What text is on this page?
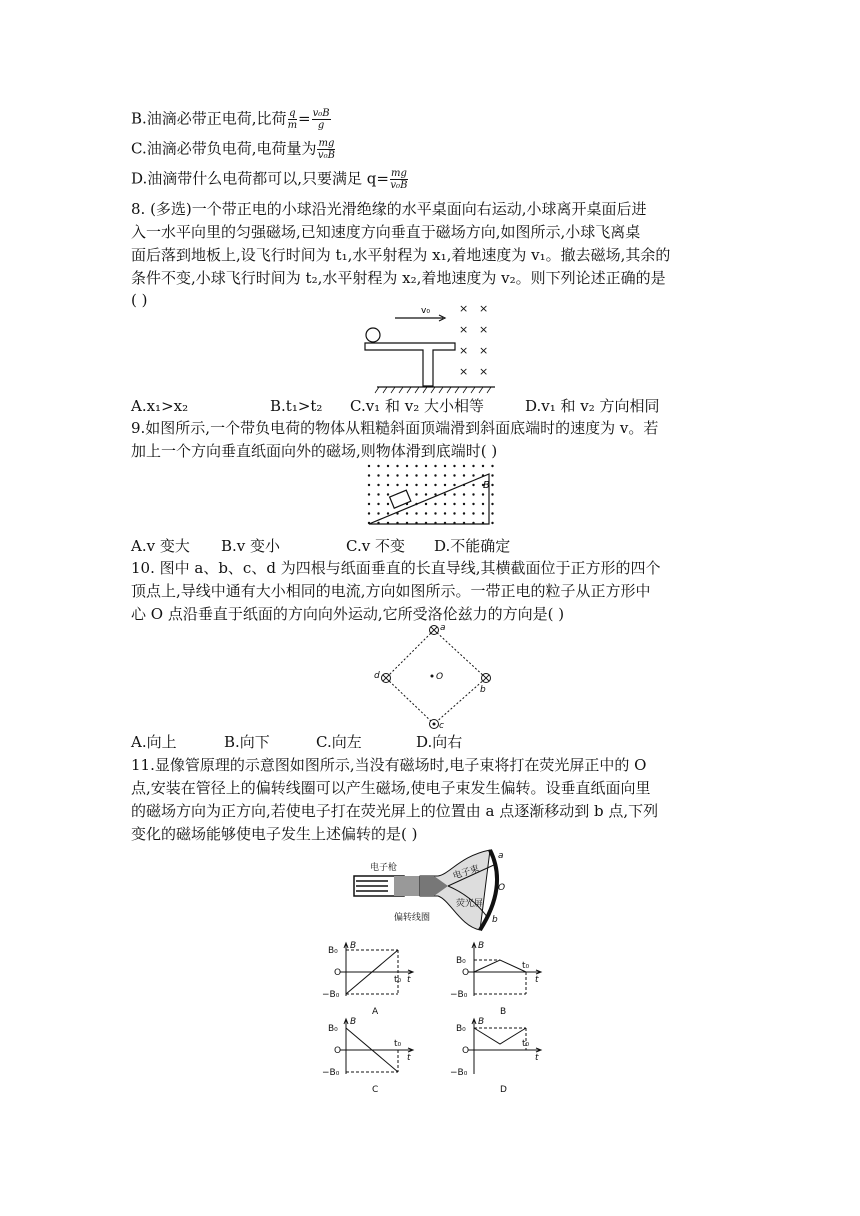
B.油滴必带正电荷,比荷 $\frac{q}{m} = \frac{\text{v₀B}}{g}$
C.油滴必带负电荷,电荷量为 $\frac{mg}{\text{v₀B}}$
D.油滴带什么电荷都可以,只要满足 $q= \frac{mg}{\text{v₀B}}$
8. (多选)一个带正电的小球沿光滑绝缘的水平桌面向右运动,小球离开桌面后进
入一水平向里的匀强磁场,已知速度方向垂直于磁场方向,如图所示,小球飞离桌
面后落到地板上,设飞行时间为 t₁,水平射程为 x₁,着地速度为 v₁。撤去磁场,其余的
条件不变,小球飞行时间为 t₂,水平射程为 x₂,着地速度为 v₂。则下列论述正确的是
( )
v₀	× ×
× ×
× ×
× ×
A.x₁>x₂	B.t₁>t₂ C.v₁ 和 v₂ 大小相等	D.v₁ 和 v₂ 方向相同
9.如图所示,一个带负电荷的物体从粗糙斜面顶端滑到斜面底端时的速度为 v。若
加上一个方向垂直纸面向外的磁场,则物体滑到底端时( )
B
A.v 变大 B.v 变小	C.v 不变 D.不能确定
10. 图中 a、b、c、d 为四根与纸面垂直的长直导线,其横截面位于正方形的四个
顶点上,导线中通有大小相同的电流,方向如图所示。一带正电的粒子从正方形中
心 O 点沿垂直于纸面的方向向外运动,它所受洛伦兹力的方向是( )
a
b
c
d	O
A.向上	B.向下	C.向左	D.向右
11.显像管原理的示意图如图所示,当没有磁场时,电子束将打在荧光屏正中的 O
点,安装在管径上的偏转线圈可以产生磁场,使电子束发生偏转。设垂直纸面向里
的磁场方向为正方向,若使电子打在荧光屏上的位置由 a 点逐渐移动到 b 点,下列
变化的磁场能够使电子发生上述偏转的是( )
电子枪	电子束
荧光屏
偏转线圈
a
O
b
B
B₀
O
−B₀
t₀ t
A
B
B₀
O
−B₀
t₀
t
B
B
B₀
O
−B₀
t₀
t
C
B
B₀
O
−B₀
t₀
t
D
